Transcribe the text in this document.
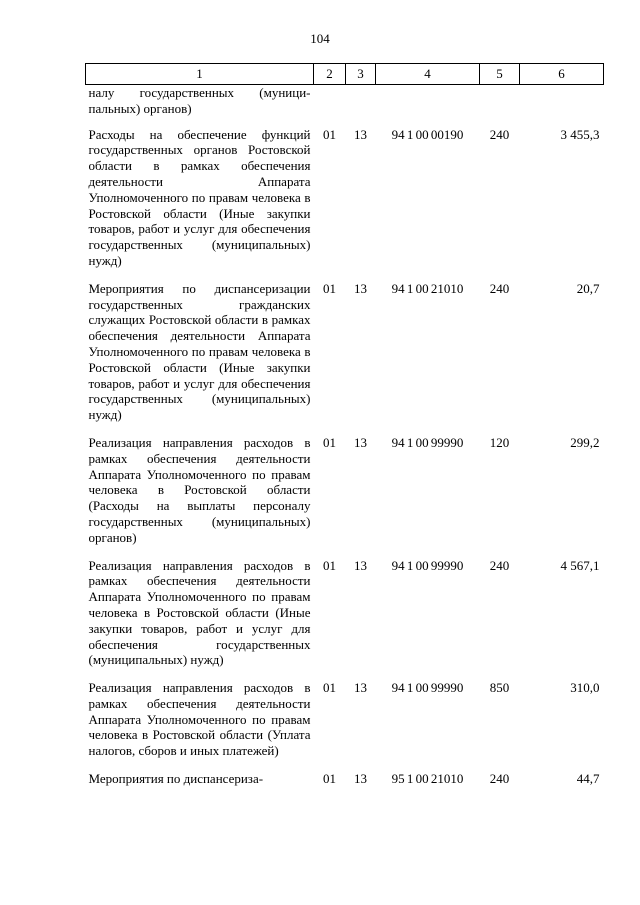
104
1	2	3	4	5	6
налу государственных (муници-пальных) органов)					
Расходы на обеспечение функций государственных органов Ростовской области в рамках обеспечения деятельности Аппарата Уполномоченного по правам человека в Ростовской области (Иные закупки товаров, работ и услуг для обеспечения государственных (муниципальных) нужд)	01	13	94 1 00 00190	240	3 455,3
Мероприятия по диспансеризации государственных гражданских служащих Ростовской области в рамках обеспечения деятельности Аппарата Уполномоченного по правам человека в Ростовской области (Иные закупки товаров, работ и услуг для обеспечения государственных (муниципальных) нужд)	01	13	94 1 00 21010	240	20,7
Реализация направления расходов в рамках обеспечения деятельности Аппарата Уполномоченного по правам человека в Ростовской области (Расходы на выплаты персоналу государственных (муниципальных) органов)	01	13	94 1 00 99990	120	299,2
Реализация направления расходов в рамках обеспечения деятельности Аппарата Уполномоченного по правам человека в Ростовской области (Иные закупки товаров, работ и услуг для обеспечения государственных (муниципальных) нужд)	01	13	94 1 00 99990	240	4 567,1
Реализация направления расходов в рамках обеспечения деятельности Аппарата Уполномоченного по правам человека в Ростовской области (Уплата налогов, сборов и иных платежей)	01	13	94 1 00 99990	850	310,0
Мероприятия по диспансериза-	01	13	95 1 00 21010	240	44,7
